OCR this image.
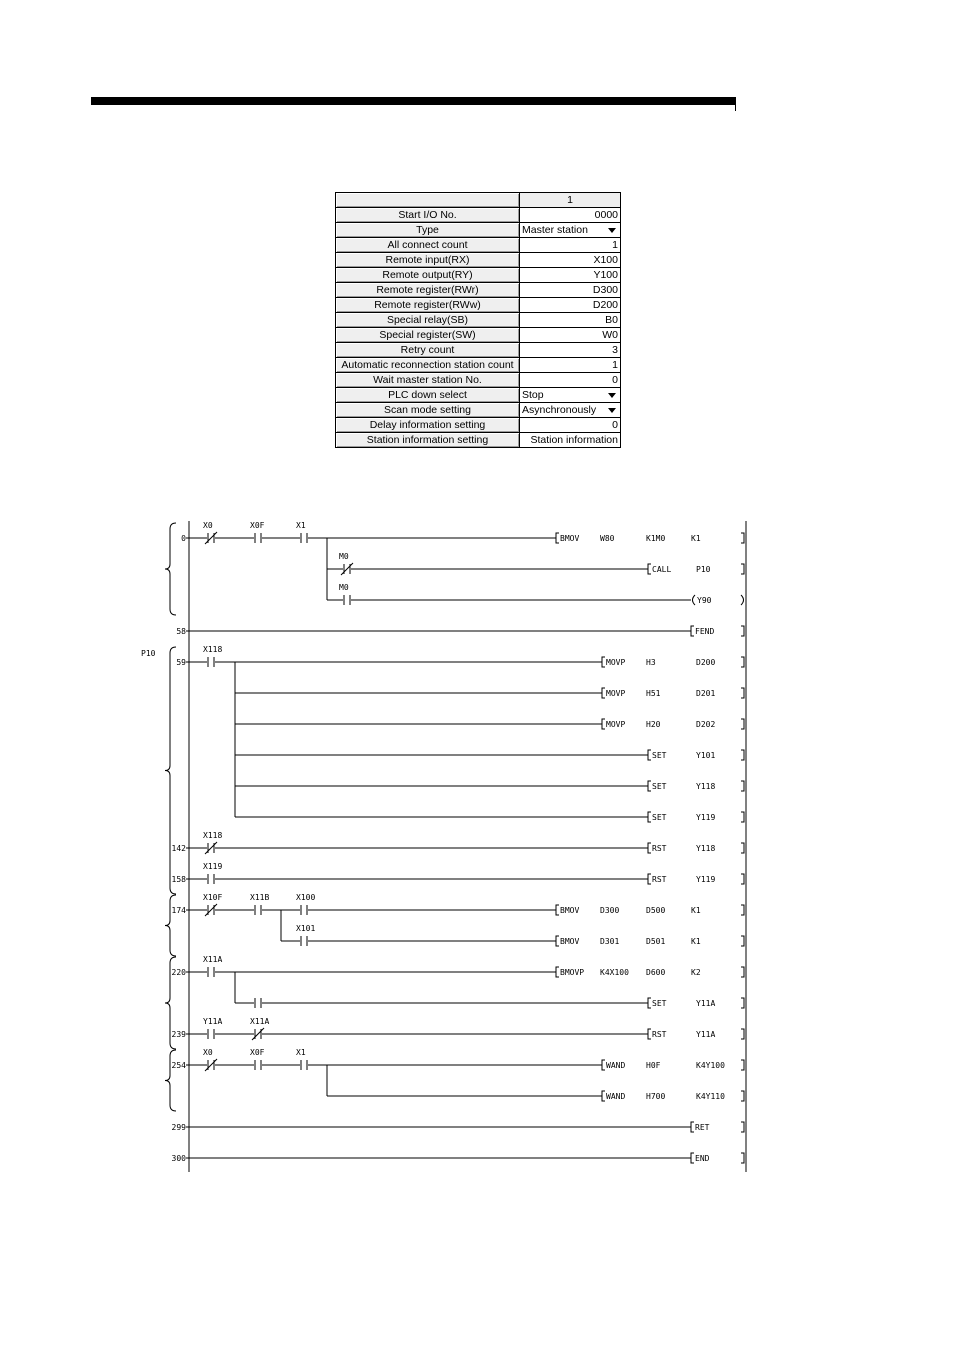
	1
Start I/O No.	0000
Type	Master station

All connect count	1
Remote input(RX)	X100
Remote output(RY)	Y100
Remote register(RWr)	D300
Remote register(RWw)	D200
Special relay(SB)	B0
Special register(SW)	W0
Retry count	3
Automatic reconnection station count	1
Wait master station No.	0
PLC down select	Stop

Scan mode setting	Asynchronously

Delay information setting	0
Station information setting	Station information
P10
0
X0	X0F	X1
BMOV	W80	K1M0	K1
M0
CALL	P10
M0
Y90
58	FEND
59
X118
MOVP	H3	D200
MOVP	H51	D201
MOVP	H20	D202
SET	Y101
SET	Y118
SET	Y119
142
X118
RST	Y118
158
X119
RST	Y119
174
X10F	X11B	X100
BMOV	D300	D500	K1
X101
BMOV	D301	D501	K1
220
X11A
BMOVP K4X100 D600	K2
SET	Y11A
239
Y11A	X11A
RST	Y11A
254
X0	X0F	X1
WAND	H0F	K4Y100
WAND	H700	K4Y110
299	RET
300	END
